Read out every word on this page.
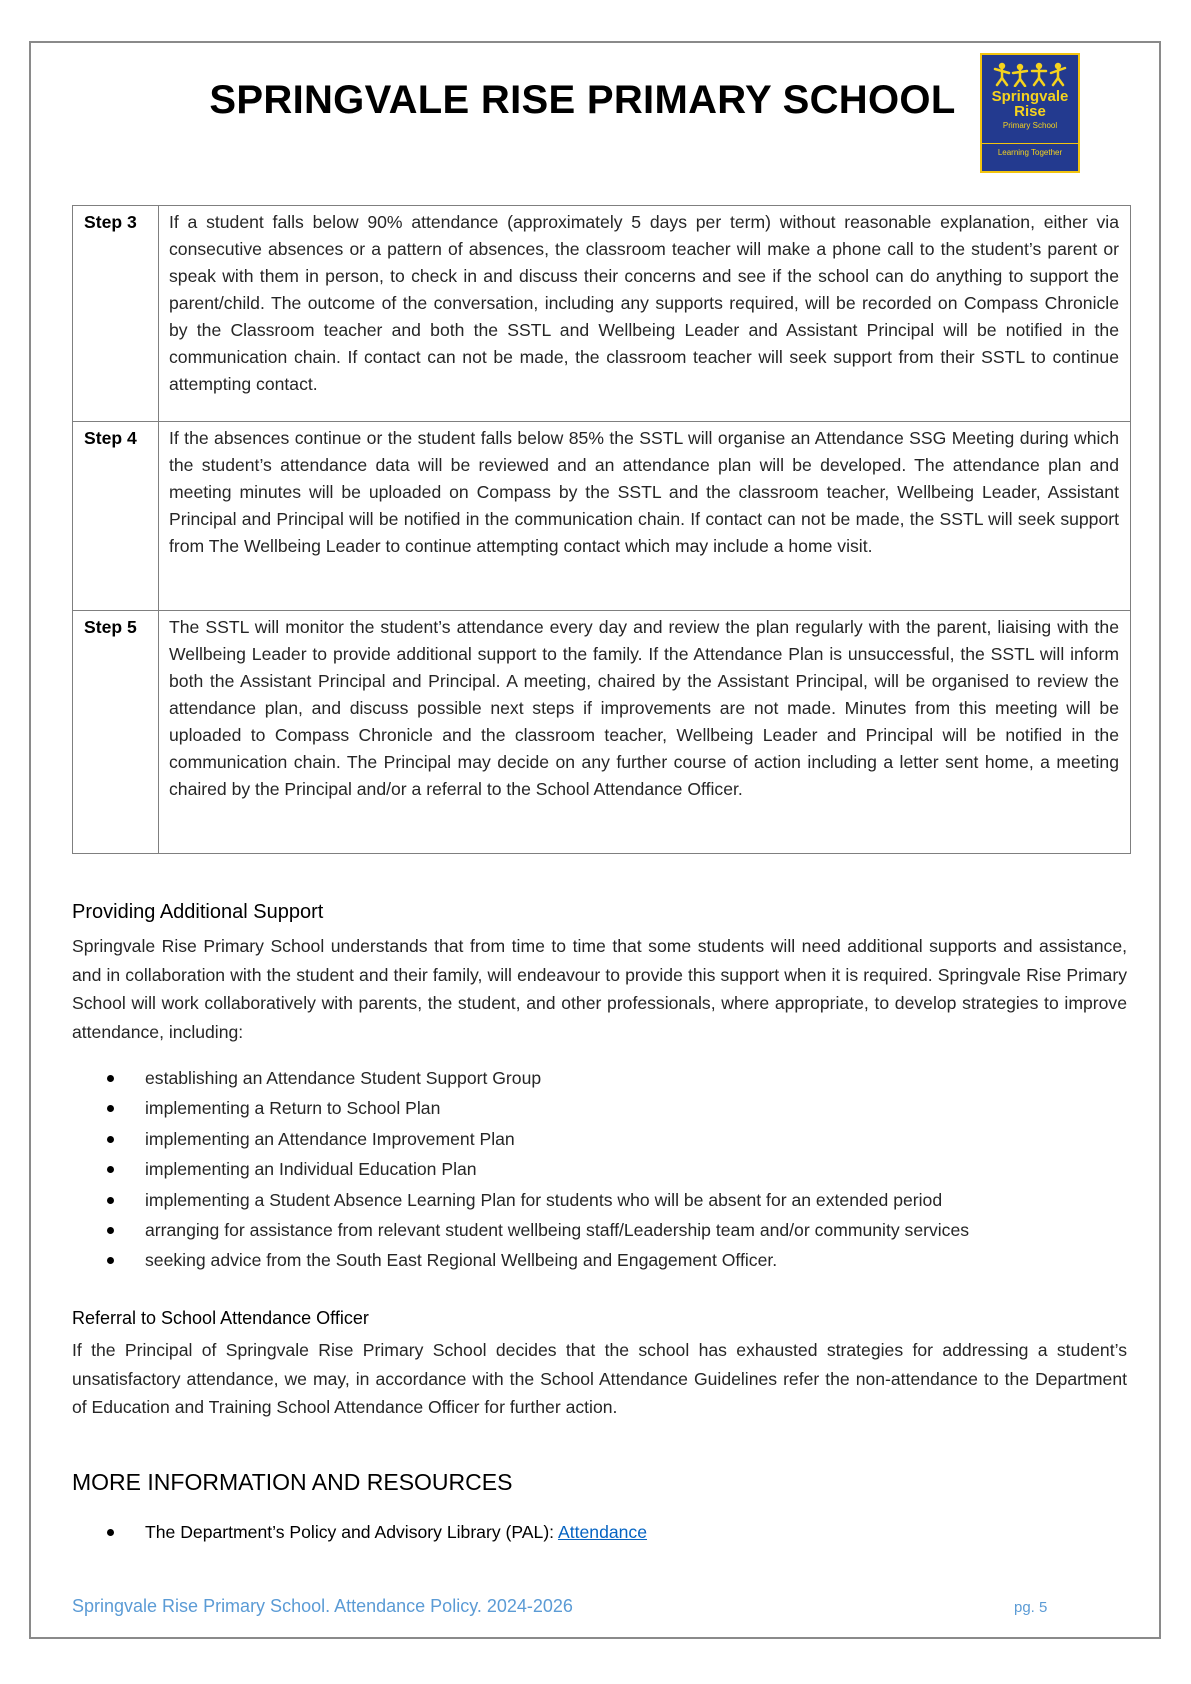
SPRINGVALE RISE PRIMARY SCHOOL	Springvale
Rise
Primary School
Learning Together
Step 3	If a student falls below 90% attendance (approximately 5 days per term) without reasonable explanation, either via consecutive absences or a pattern of absences, the classroom teacher will make a phone call to the student’s parent or speak with them in person, to check in and discuss their concerns and see if the school can do anything to support the parent/child. The outcome of the conversation, including any supports required, will be recorded on Compass Chronicle by the Classroom teacher and both the SSTL and Wellbeing Leader and Assistant Principal will be notified in the communication chain. If contact can not be made, the classroom teacher will seek support from their SSTL to continue attempting contact.
Step 4	If the absences continue or the student falls below 85% the SSTL will organise an Attendance SSG Meeting during which the student’s attendance data will be reviewed and an attendance plan will be developed. The attendance plan and meeting minutes will be uploaded on Compass by the SSTL and the classroom teacher, Wellbeing Leader, Assistant Principal and Principal will be notified in the communication chain. If contact can not be made, the SSTL will seek support from The Wellbeing Leader to continue attempting contact which may include a home visit.
Step 5	The SSTL will monitor the student’s attendance every day and review the plan regularly with the parent, liaising with the Wellbeing Leader to provide additional support to the family. If the Attendance Plan is unsuccessful, the SSTL will inform both the Assistant Principal and Principal. A meeting, chaired by the Assistant Principal, will be organised to review the attendance plan, and discuss possible next steps if improvements are not made. Minutes from this meeting will be uploaded to Compass Chronicle and the classroom teacher, Wellbeing Leader and Principal will be notified in the communication chain. The Principal may decide on any further course of action including a letter sent home, a meeting chaired by the Principal and/or a referral to the School Attendance Officer.
Providing Additional Support
Springvale Rise Primary School understands that from time to time that some students will need additional supports and assistance, and in collaboration with the student and their family, will endeavour to provide this support when it is required. Springvale Rise Primary School will work collaboratively with parents, the student, and other professionals, where appropriate, to develop strategies to improve attendance, including:
establishing an Attendance Student Support Group
implementing a Return to School Plan
implementing an Attendance Improvement Plan
implementing an Individual Education Plan
implementing a Student Absence Learning Plan for students who will be absent for an extended period
arranging for assistance from relevant student wellbeing staff/Leadership team and/or community services
seeking advice from the South East Regional Wellbeing and Engagement Officer.
Referral to School Attendance Officer
If the Principal of Springvale Rise Primary School decides that the school has exhausted strategies for addressing a student’s unsatisfactory attendance, we may, in accordance with the School Attendance Guidelines refer the non-attendance to the Department of Education and Training School Attendance Officer for further action.
MORE INFORMATION AND RESOURCES
The Department’s Policy and Advisory Library (PAL): Attendance
Springvale Rise Primary School. Attendance Policy. 2024-2026	pg. 5
